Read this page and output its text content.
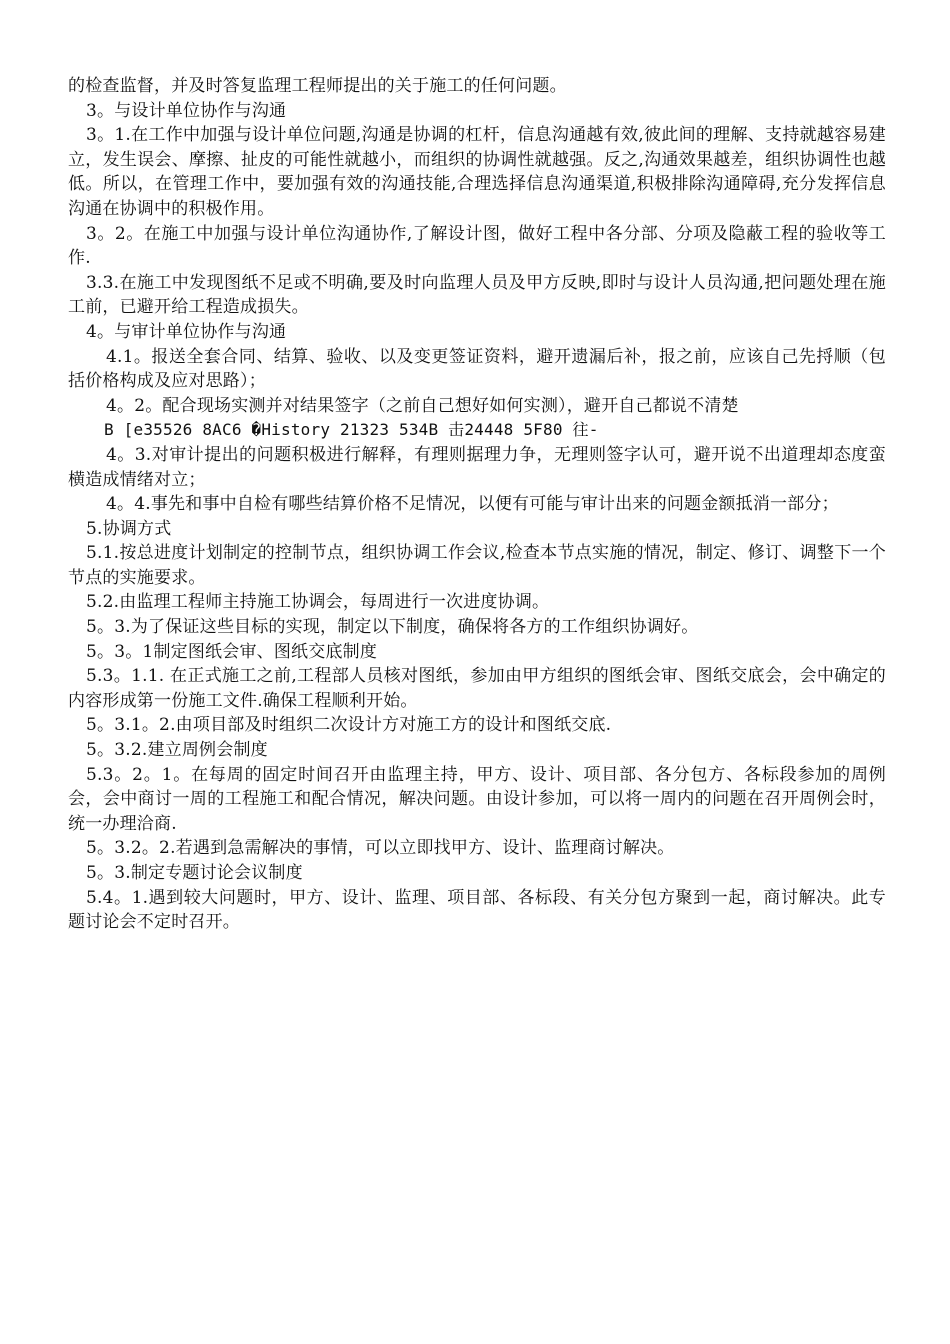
的检查监督，并及时答复监理工程师提出的关于施工的任何问题。

3。与设计单位协作与沟通

3。1.在工作中加强与设计单位问题,沟通是协调的杠杆，信息沟通越有效,彼此间的理解、支持就越容易建立，发生误会、摩擦、扯皮的可能性就越小，而组织的协调性就越强。反之,沟通效果越差，组织协调性也越低。所以，在管理工作中，要加强有效的沟通技能,合理选择信息沟通渠道,积极排除沟通障碍,充分发挥信息沟通在协调中的积极作用。

3。2。在施工中加强与设计单位沟通协作,了解设计图，做好工程中各分部、分项及隐蔽工程的验收等工作.

3.3.在施工中发现图纸不足或不明确,要及时向监理人员及甲方反映,即时与设计人员沟通,把问题处理在施工前，已避开给工程造成损失。

4。与审计单位协作与沟通

4.1。报送全套合同、结算、验收、以及变更签证资料，避开遗漏后补，报之前，应该自己先捋顺（包括价格构成及应对思路）；

4。2。配合现场实测并对结果签字（之前自己想好如何实测），避开自己都说不清楚

B [e35526 8AC6 �History 21323 534B 击24448 5F80 往-

4。3.对审计提出的问题积极进行解释，有理则据理力争，无理则签字认可，避开说不出道理却态度蛮横造成情绪对立；

4。4.事先和事中自检有哪些结算价格不足情况，以便有可能与审计出来的问题金额抵消一部分；

5.协调方式

5.1.按总进度计划制定的控制节点，组织协调工作会议,检查本节点实施的情况，制定、修订、调整下一个节点的实施要求。

5.2.由监理工程师主持施工协调会，每周进行一次进度协调。

5。3.为了保证这些目标的实现，制定以下制度，确保将各方的工作组织协调好。

5。3。1制定图纸会审、图纸交底制度

5.3。1.1. 在正式施工之前,工程部人员核对图纸，参加由甲方组织的图纸会审、图纸交底会，会中确定的内容形成第一份施工文件.确保工程顺利开始。

5。3.1。2.由项目部及时组织二次设计方对施工方的设计和图纸交底.

5。3.2.建立周例会制度

5.3。2。1。在每周的固定时间召开由监理主持，甲方、设计、项目部、各分包方、各标段参加的周例会，会中商讨一周的工程施工和配合情况，解决问题。由设计参加，可以将一周内的问题在召开周例会时，统一办理洽商.

5。3.2。2.若遇到急需解决的事情，可以立即找甲方、设计、监理商讨解决。

5。3.制定专题讨论会议制度

5.4。1.遇到较大问题时，甲方、设计、监理、项目部、各标段、有关分包方聚到一起，商讨解决。此专题讨论会不定时召开。
